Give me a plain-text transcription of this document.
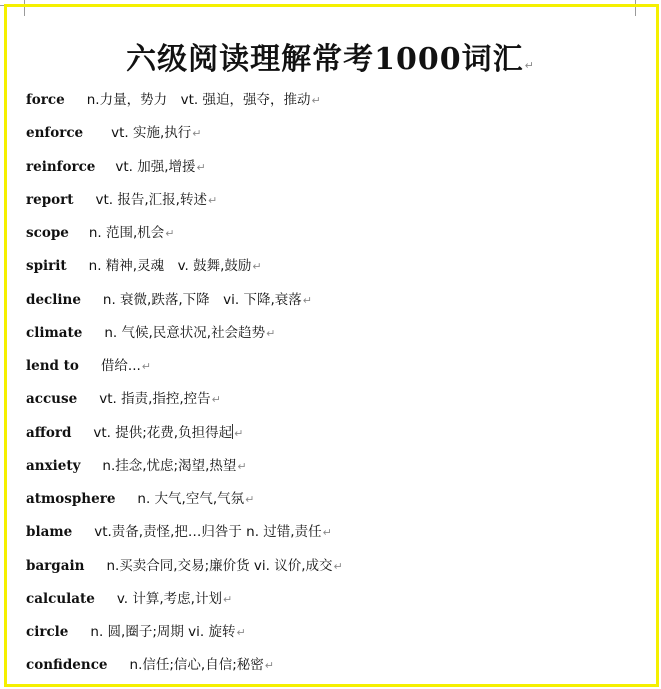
六级阅读理解常考1000词汇↵
force n.力量，势力　vt. 强迫，强夺，推动↵
enforce vt. 实施,执行↵
reinforce vt. 加强,增援↵
report vt. 报告,汇报,转述↵
scope n. 范围,机会↵
spirit n. 精神,灵魂　v. 鼓舞,鼓励↵
decline n. 衰微,跌落,下降　vi. 下降,衰落↵
climate n. 气候,民意状况,社会趋势↵
lend to 借给...↵
accuse vt. 指责,指控,控告↵
afford vt. 提供;花费,负担得起 ↵
anxiety n.挂念,忧虑;渴望,热望↵
atmosphere n. 大气,空气,气氛↵
blame vt.责备,责怪,把…归咎于 n. 过错,责任↵
bargain n.买卖合同,交易;廉价货 vi. 议价,成交↵
calculate v. 计算,考虑,计划↵
circle n. 圆,圈子;周期 vi. 旋转↵
confidence n.信任;信心,自信;秘密↵
